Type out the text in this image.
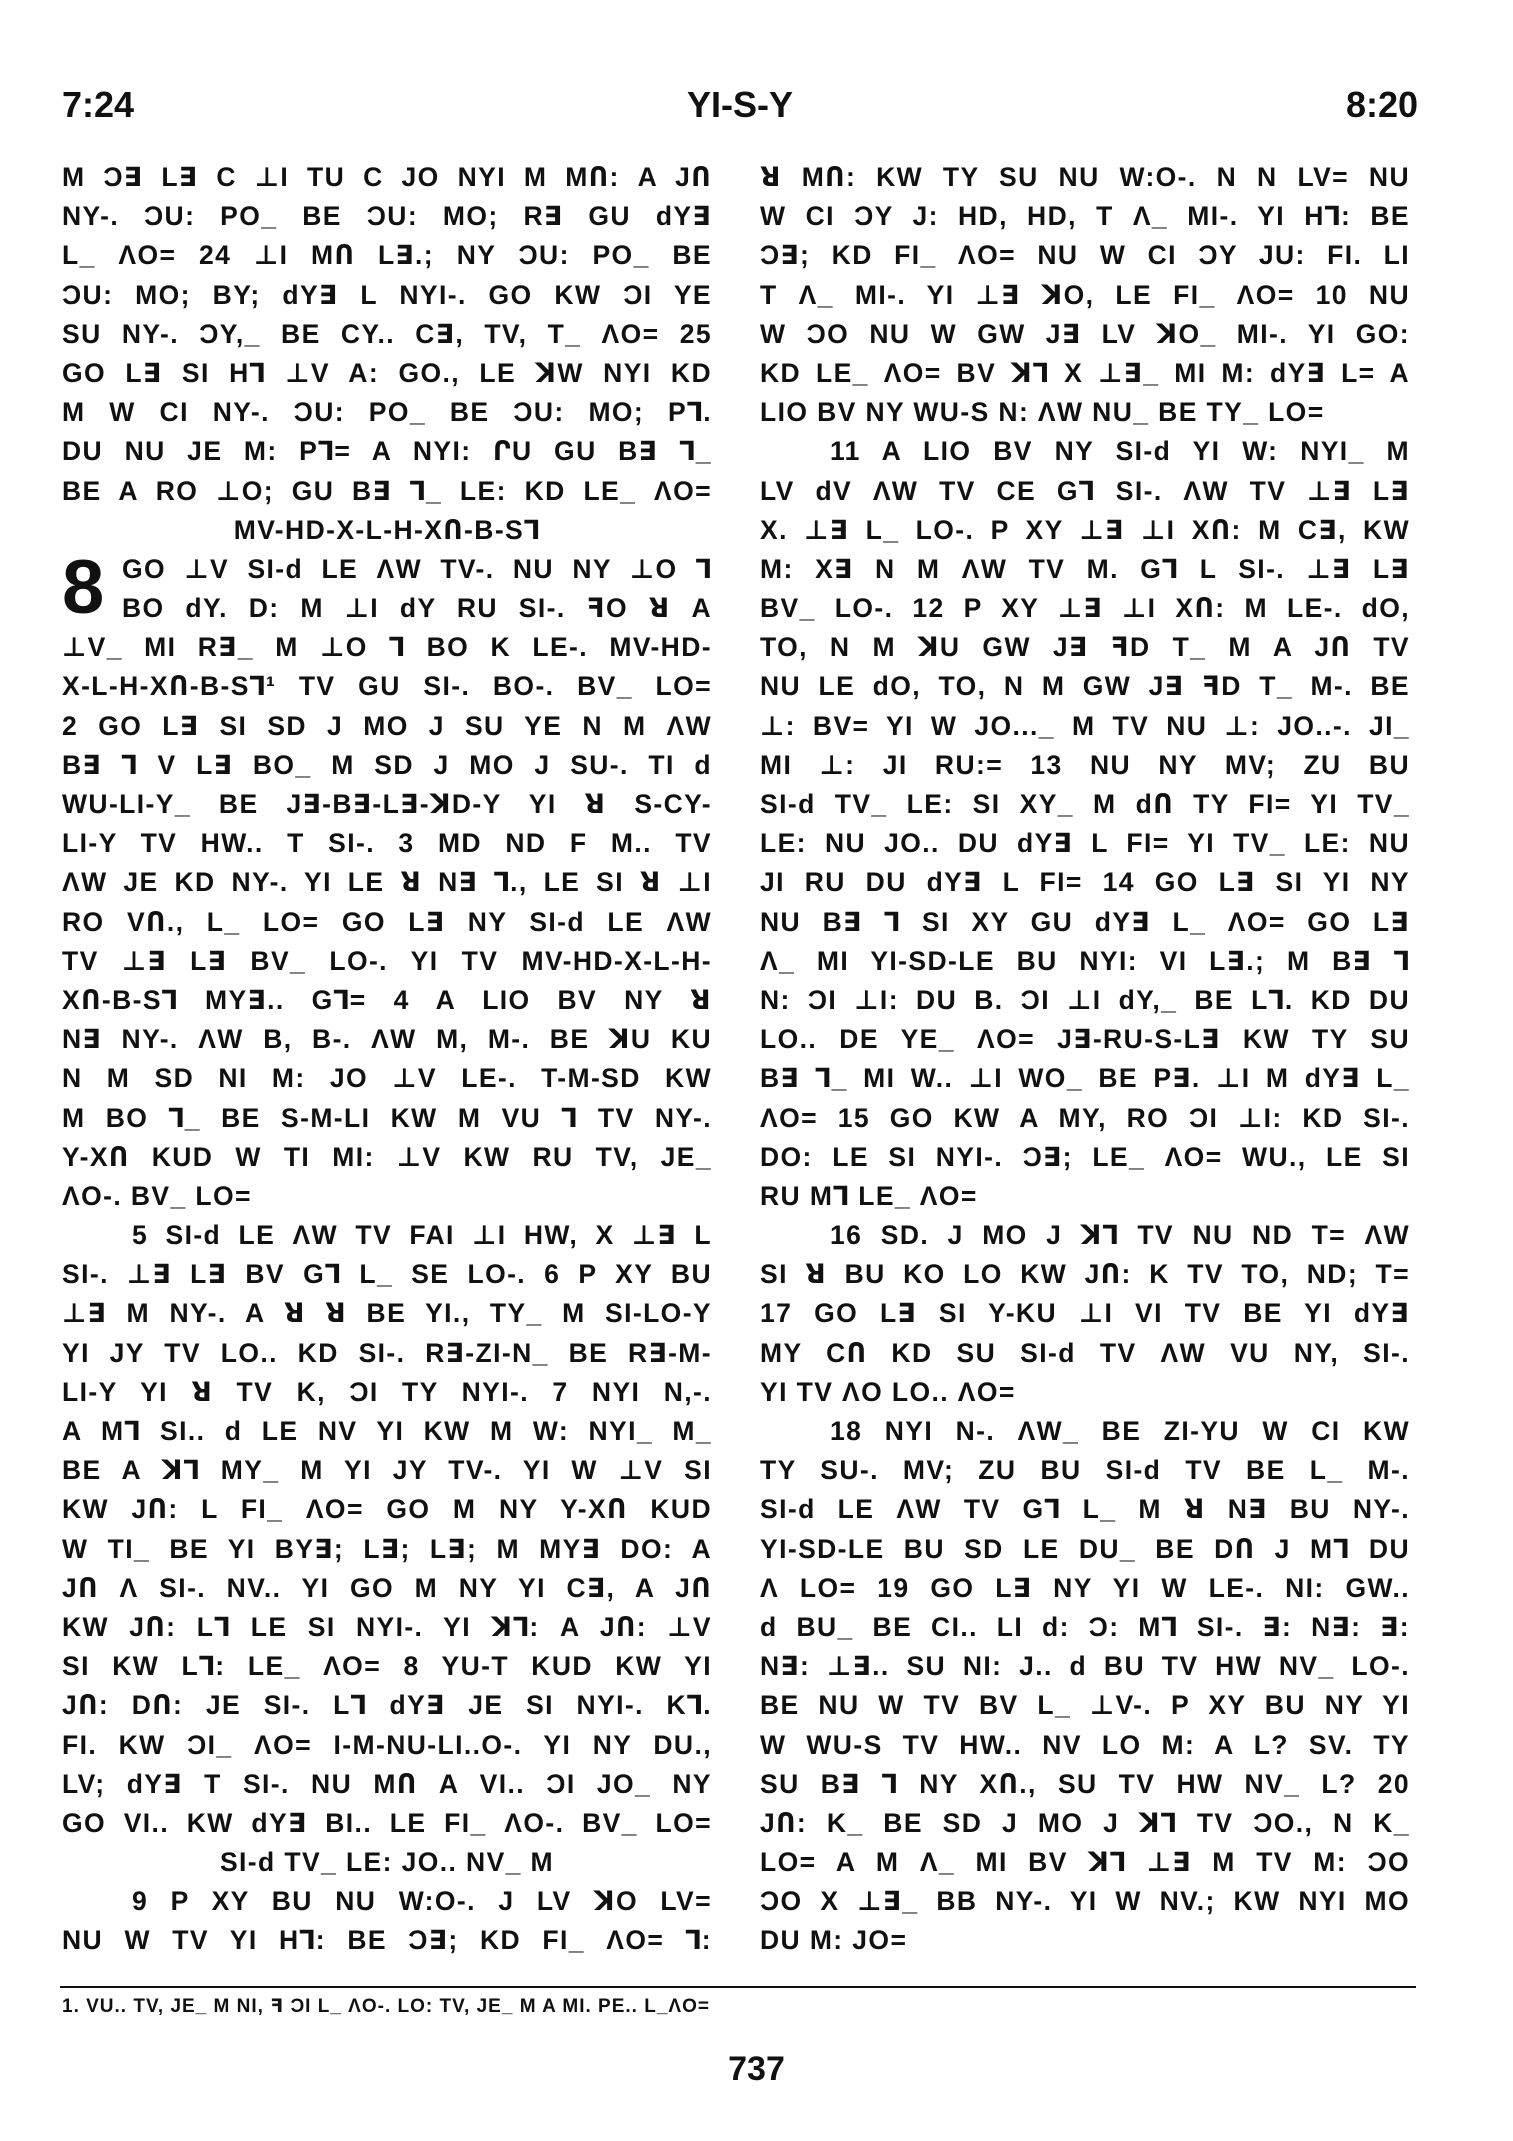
7:24	YI-S-Y	8:20
M Ɔ∃ L∃ C ⊥I TU C JO NYI M MՈ: A JՈ
NY-. ƆU: PO_ BE ƆU: MO; R∃ GU dY∃
L_ ɅO= 24 ⊥I MՈ L∃.; NY ƆU: PO_ BE
ƆU: MO; BY; dY∃ L NYI-. GO KW ƆI YE
SU NY-. ƆY,_ BE CY.. C∃, TV, T_ ɅO= 25
GO L∃ SI H⅂ ⊥V A: GO., LE ꓘW NYI KD
M W CI NY-. ƆU: PO_ BE ƆU: MO; P⅂.
DU NU JE M: P⅂= A NYI: ՐU GU B∃ ⅂_
BE A RO ⊥O; GU B∃ ⅂_ LE: KD LE_ ɅO=
MV-HD-X-L-H-XՈ-B-S⅂
8 GO ⊥V SI-d LE ɅW TV-. NU NY ⊥O ⅂
BO dY. D: M ⊥I dY RU SI-. ꟻO ꓤ A
⊥V_ MI R∃_ M ⊥O ⅂ BO K LE-. MV-HD-
X-L-H-XՈ-B-S⅂¹ TV GU SI-. BO-. BV_ LO=
2 GO L∃ SI SD J MO J SU YE N M ɅW
B∃ ⅂ V L∃ BO_ M SD J MO J SU-. TI d
WU-LI-Y_ BE J∃-B∃-L∃-ꓘD-Y YI ꓤ S-CY-
LI-Y TV HW.. T SI-. 3 MD ND F M.. TV
ɅW JE KD NY-. YI LE ꓤ N∃ ⅂., LE SI ꓤ ⊥I
RO VՈ., L_ LO= GO L∃ NY SI-d LE ɅW
TV ⊥∃ L∃ BV_ LO-. YI TV MV-HD-X-L-H-
XՈ-B-S⅂ MY∃.. G⅂= 4 A LIO BV NY ꓤ
N∃ NY-. ɅW B, B-. ɅW M, M-. BE ꓘU KU
N M SD NI M: JO ⊥V LE-. T-M-SD KW
M BO ⅂_ BE S-M-LI KW M VU ⅂ TV NY-.
Y-XՈ KUD W TI MI: ⊥V KW RU TV, JE_
ɅO-. BV_ LO=
5 SI-d LE ɅW TV FAI ⊥I HW, X ⊥∃ L
SI-. ⊥∃ L∃ BV G⅂ L_ SE LO-. 6 P XY BU
⊥∃ M NY-. A ꓤ ꓤ BE YI., TY_ M SI-LO-Y
YI JY TV LO.. KD SI-. R∃-ZI-N_ BE R∃-M-
LI-Y YI ꓤ TV K, ƆI TY NYI-. 7 NYI N,-.
A M⅂ SI.. d LE NV YI KW M W: NYI_ M_
BE A ꓘ⅂ MY_ M YI JY TV-. YI W ⊥V SI
KW JՈ: L FI_ ɅO= GO M NY Y-XՈ KUD
W TI_ BE YI BY∃; L∃; L∃; M MY∃ DO: A
JՈ Ʌ SI-. NV.. YI GO M NY YI C∃, A JՈ
KW JՈ: L⅂ LE SI NYI-. YI ꓘ⅂: A JՈ: ⊥V
SI KW L⅂: LE_ ɅO= 8 YU-T KUD KW YI
JՈ: DՈ: JE SI-. L⅂ dY∃ JE SI NYI-. K⅂.
FI. KW ƆI_ ɅO= I-M-NU-LI..O-. YI NY DU.,
LV; dY∃ T SI-. NU MՈ A VI.. ƆI JO_ NY
GO VI.. KW dY∃ BI.. LE FI_ ɅO-. BV_ LO=
SI-d TV_ LE: JO.. NV_ M
9 P XY BU NU W:O-. J LV ꓘO LV=
NU W TV YI H⅂: BE Ɔ∃; KD FI_ ɅO= ⅂:
ꓤ MՈ: KW TY SU NU W:O-. N N LV= NU
W CI ƆY J: HD, HD, T Ʌ_ MI-. YI H⅂: BE
Ɔ∃; KD FI_ ɅO= NU W CI ƆY JU: FI. LI
T Ʌ_ MI-. YI ⊥∃ ꓘO, LE FI_ ɅO= 10 NU
W ƆO NU W GW J∃ LV ꓘO_ MI-. YI GO:
KD LE_ ɅO= BV ꓘ⅂ X ⊥∃_ MI M: dY∃ L= A
LIO BV NY WU-S N: ɅW NU_ BE TY_ LO=
11 A LIO BV NY SI-d YI W: NYI_ M
LV dV ɅW TV CE G⅂ SI-. ɅW TV ⊥∃ L∃
X. ⊥∃ L_ LO-. P XY ⊥∃ ⊥I XՈ: M C∃, KW
M: X∃ N M ɅW TV M. G⅂ L SI-. ⊥∃ L∃
BV_ LO-. 12 P XY ⊥∃ ⊥I XՈ: M LE-. dO,
TO, N M ꓘU GW J∃ ꟻD T_ M A JՈ TV
NU LE dO, TO, N M GW J∃ ꟻD T_ M-. BE
⊥: BV= YI W JO..._ M TV NU ⊥: JO..-. JI_
MI ⊥: JI RU:= 13 NU NY MV; ZU BU
SI-d TV_ LE: SI XY_ M dՈ TY FI= YI TV_
LE: NU JO.. DU dY∃ L FI= YI TV_ LE: NU
JI RU DU dY∃ L FI= 14 GO L∃ SI YI NY
NU B∃ ⅂ SI XY GU dY∃ L_ ɅO= GO L∃
Ʌ_ MI YI-SD-LE BU NYI: VI L∃.; M B∃ ⅂
N: ƆI ⊥I: DU B. ƆI ⊥I dY,_ BE L⅂. KD DU
LO.. DE YE_ ɅO= J∃-RU-S-L∃ KW TY SU
B∃ ⅂_ MI W.. ⊥I WO_ BE P∃. ⊥I M dY∃ L_
ɅO= 15 GO KW A MY, RO ƆI ⊥I: KD SI-.
DO: LE SI NYI-. Ɔ∃; LE_ ɅO= WU., LE SI
RU M⅂ LE_ ɅO=
16 SD. J MO J ꓘ⅂ TV NU ND T= ɅW
SI ꓤ BU KO LO KW JՈ: K TV TO, ND; T=
17 GO L∃ SI Y-KU ⊥I VI TV BE YI dY∃
MY CՈ KD SU SI-d TV ɅW VU NY, SI-.
YI TV ɅO LO.. ɅO=
18 NYI N-. ɅW_ BE ZI-YU W CI KW
TY SU-. MV; ZU BU SI-d TV BE L_ M-.
SI-d LE ɅW TV G⅂ L_ M ꓤ N∃ BU NY-.
YI-SD-LE BU SD LE DU_ BE DՈ J M⅂ DU
Ʌ LO= 19 GO L∃ NY YI W LE-. NI: GW..
d BU_ BE CI.. LI d: Ɔ: M⅂ SI-. ∃: N∃: ∃:
N∃: ⊥∃.. SU NI: J.. d BU TV HW NV_ LO-.
BE NU W TV BV L_ ⊥V-. P XY BU NY YI
W WU-S TV HW.. NV LO M: A L? SV. TY
SU B∃ ⅂ NY XՈ., SU TV HW NV_ L? 20
JՈ: K_ BE SD J MO J ꓘ⅂ TV ƆO., N K_
LO= A M Ʌ_ MI BV ꓘ⅂ ⊥∃ M TV M: ƆO
ƆO X ⊥∃_ BB NY-. YI W NV.; KW NYI MO
DU M: JO=
1. VU.. TV, JE_ M NI, ꟻ ƆI L_ ɅO-. LO: TV, JE_ M A MI. PE.. L_ɅO=
737
